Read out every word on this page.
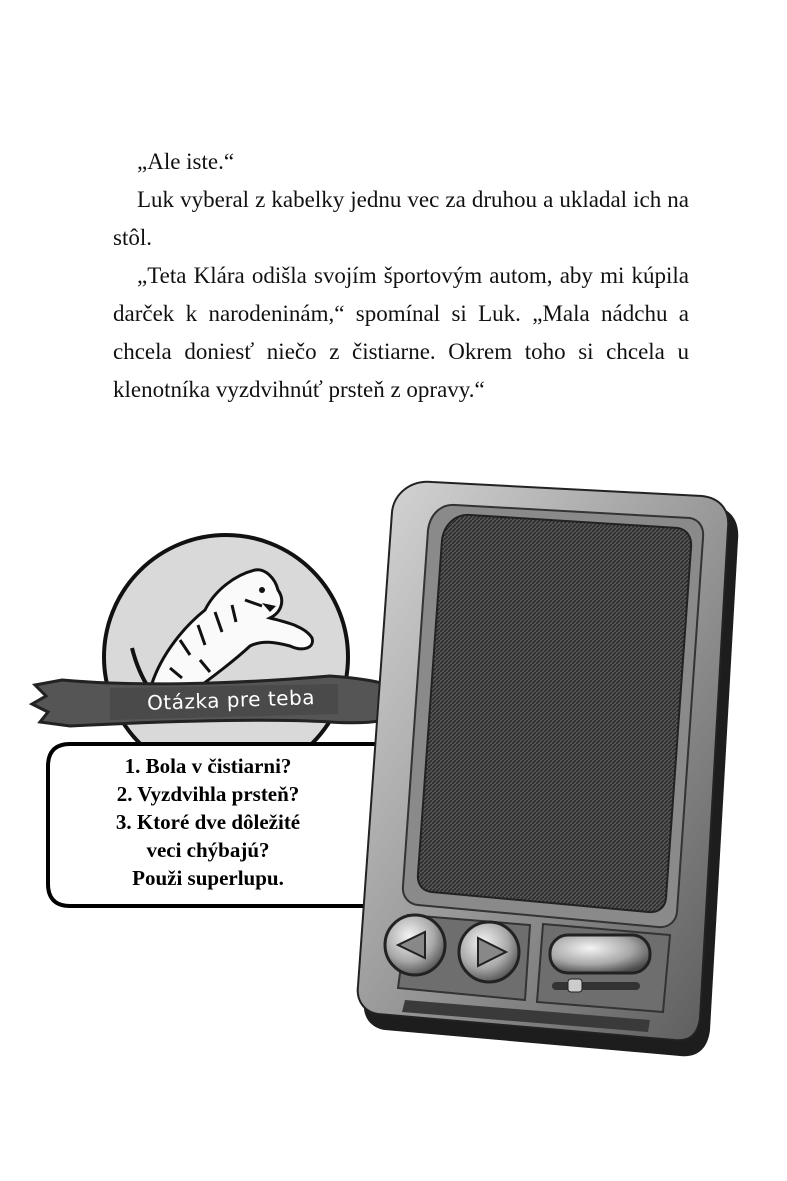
„Ale iste.“

Luk vyberal z kabelky jednu vec za druhou a ukladal ich na stôl.

„Teta Klára odišla svojím športovým autom, aby mi kúpila darček k narodeninám,“ spomínal si Luk. „Mala nádchu a chcela doniesť niečo z čistiarne. Okrem toho si chcela u klenotníka vyzdvihnúť prsteň z opravy.“

Otázka pre teba
1. Bola v čistiarni?
2. Vyzdvihla prsteň?
3. Ktoré dve dôležité
veci chýbajú?
Použi superlupu.
